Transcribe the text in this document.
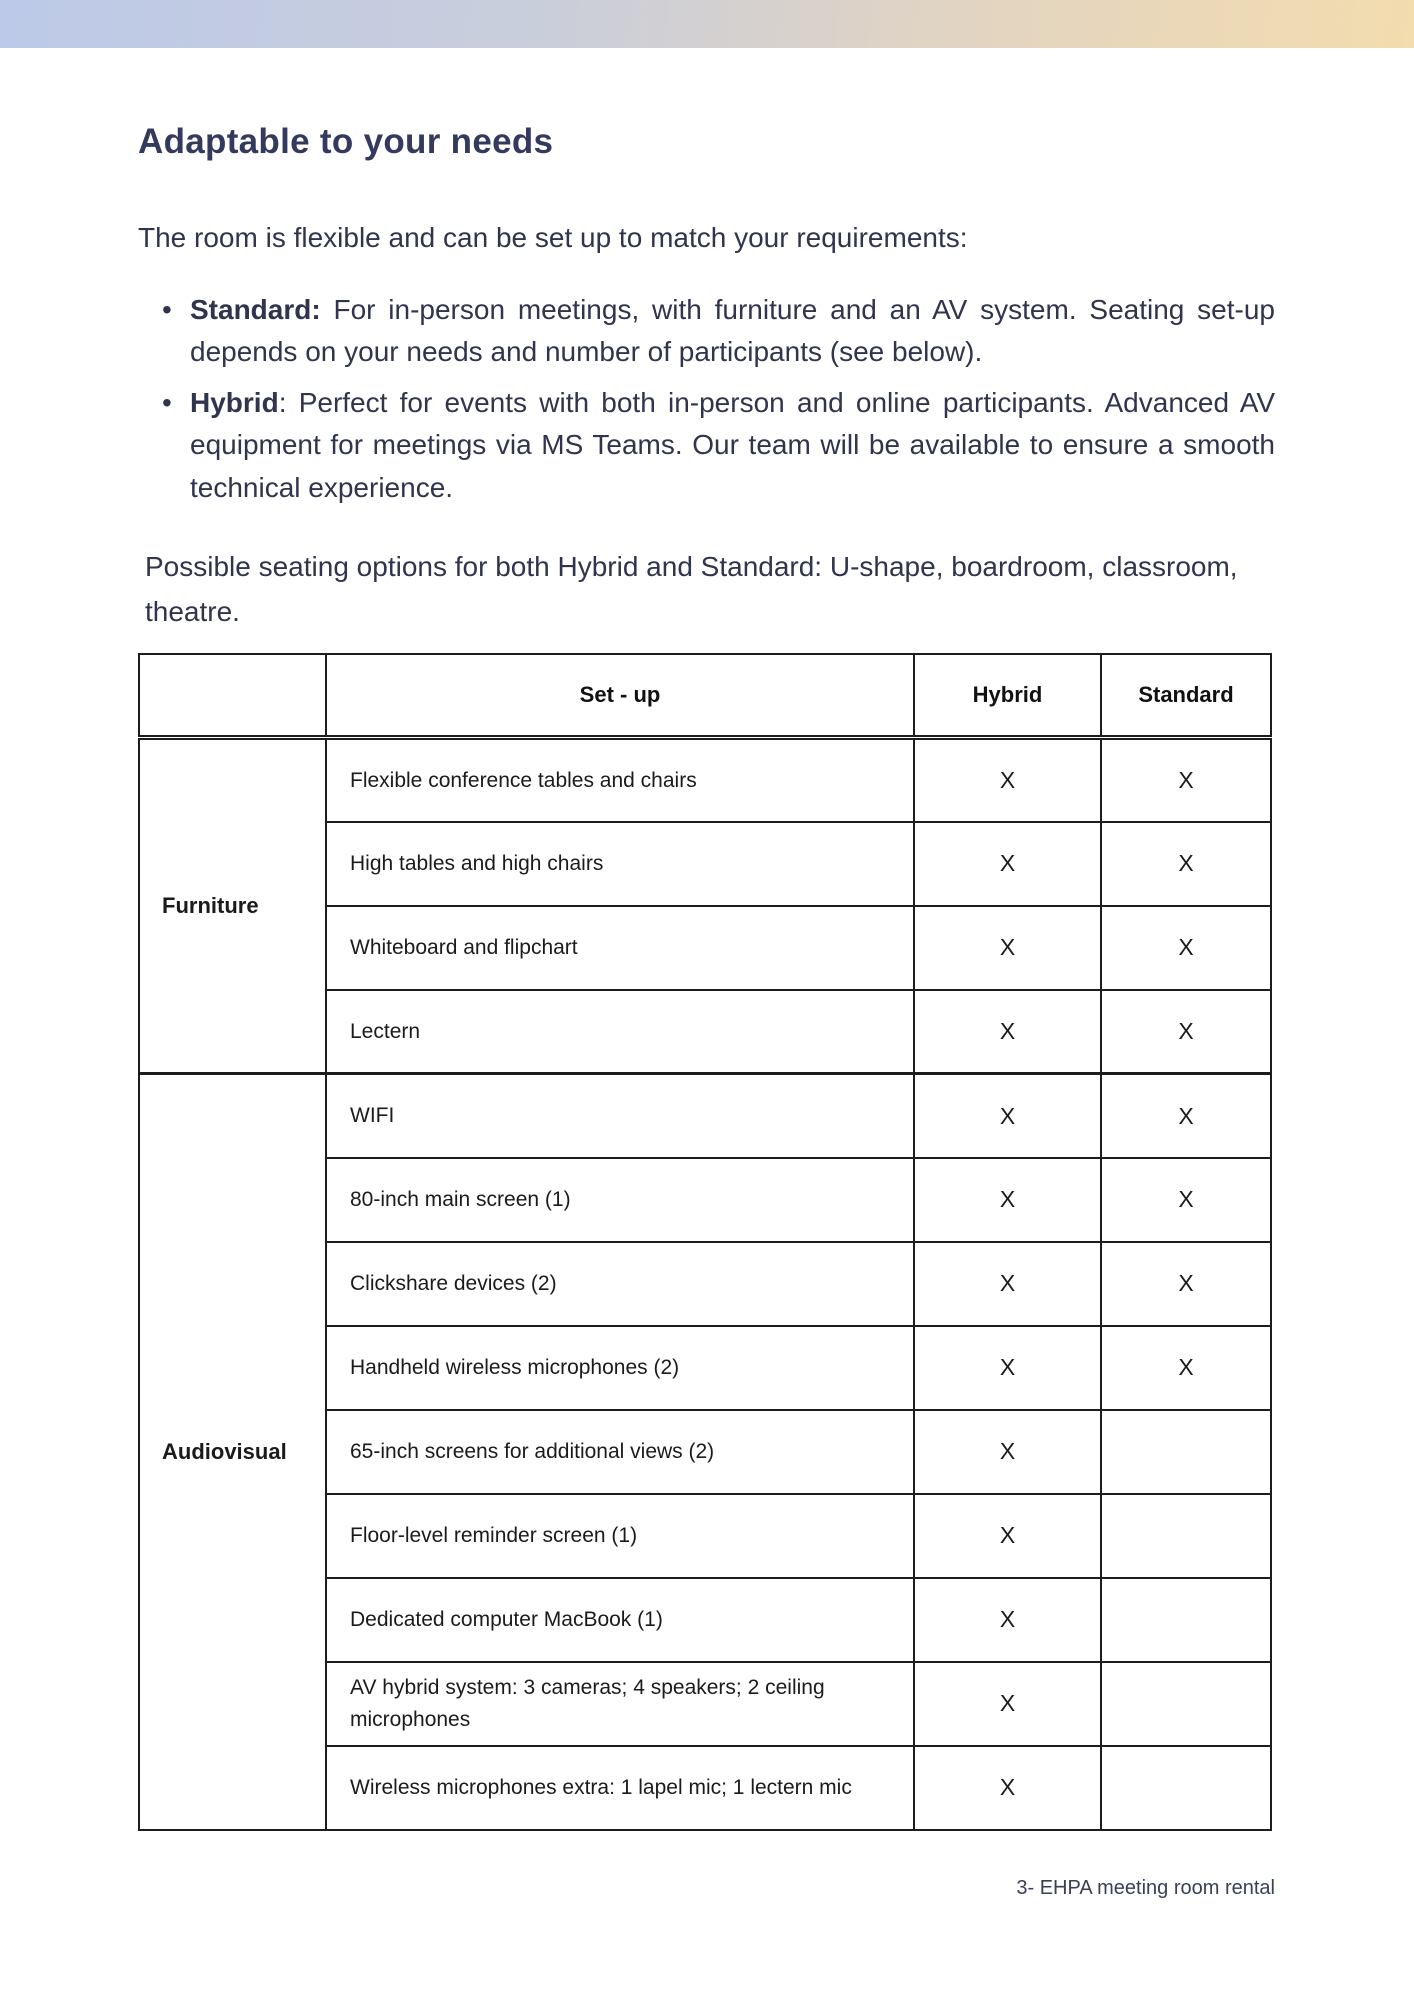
Adaptable to your needs

The room is flexible and can be set up to match your requirements:

• Standard: For in-person meetings, with furniture and an AV system. Seating set-up depends on your needs and number of participants (see below).
• Hybrid: Perfect for events with both in-person and online participants. Advanced AV equipment for meetings via MS Teams. Our team will be available to ensure a smooth technical experience.

Possible seating options for both Hybrid and Standard: U-shape, boardroom, classroom, theatre.

	Set - up	Hybrid	Standard
Furniture	Flexible conference tables and chairs	X	X
	High tables and high chairs	X	X
	Whiteboard and flipchart	X	X
	Lectern	X	X
Audiovisual	WIFI	X	X
	80-inch main screen (1)	X	X
	Clickshare devices (2)	X	X
	Handheld wireless microphones (2)	X	X
	65-inch screens for additional views (2)	X	
	Floor-level reminder screen (1)	X	
	Dedicated computer MacBook (1)	X	
	AV hybrid system: 3 cameras; 4 speakers; 2 ceiling microphones	X	
	Wireless microphones extra: 1 lapel mic; 1 lectern mic	X	

3- EHPA meeting room rental
